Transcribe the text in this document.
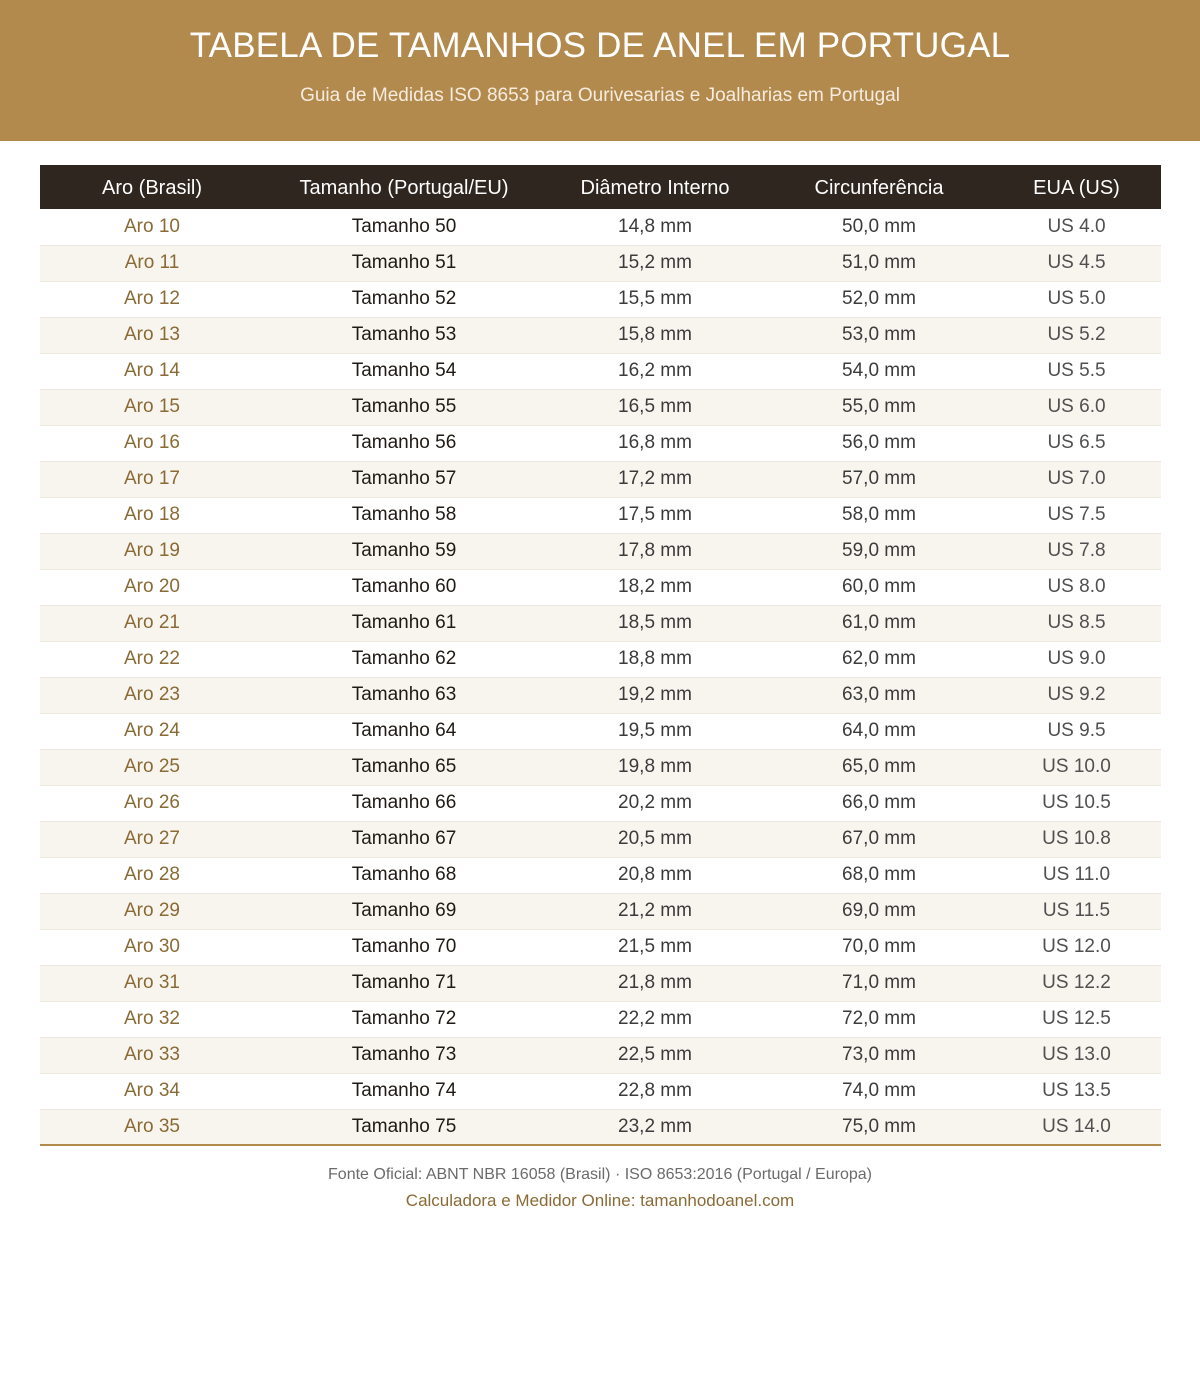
TABELA DE TAMANHOS DE ANEL EM PORTUGAL
Guia de Medidas ISO 8653 para Ourivesarias e Joalharias em Portugal
Aro (Brasil)	Tamanho (Portugal/EU)	Diâmetro Interno	Circunferência	EUA (US)
Aro 10	Tamanho 50	14,8 mm	50,0 mm	US 4.0
Aro 11	Tamanho 51	15,2 mm	51,0 mm	US 4.5
Aro 12	Tamanho 52	15,5 mm	52,0 mm	US 5.0
Aro 13	Tamanho 53	15,8 mm	53,0 mm	US 5.2
Aro 14	Tamanho 54	16,2 mm	54,0 mm	US 5.5
Aro 15	Tamanho 55	16,5 mm	55,0 mm	US 6.0
Aro 16	Tamanho 56	16,8 mm	56,0 mm	US 6.5
Aro 17	Tamanho 57	17,2 mm	57,0 mm	US 7.0
Aro 18	Tamanho 58	17,5 mm	58,0 mm	US 7.5
Aro 19	Tamanho 59	17,8 mm	59,0 mm	US 7.8
Aro 20	Tamanho 60	18,2 mm	60,0 mm	US 8.0
Aro 21	Tamanho 61	18,5 mm	61,0 mm	US 8.5
Aro 22	Tamanho 62	18,8 mm	62,0 mm	US 9.0
Aro 23	Tamanho 63	19,2 mm	63,0 mm	US 9.2
Aro 24	Tamanho 64	19,5 mm	64,0 mm	US 9.5
Aro 25	Tamanho 65	19,8 mm	65,0 mm	US 10.0
Aro 26	Tamanho 66	20,2 mm	66,0 mm	US 10.5
Aro 27	Tamanho 67	20,5 mm	67,0 mm	US 10.8
Aro 28	Tamanho 68	20,8 mm	68,0 mm	US 11.0
Aro 29	Tamanho 69	21,2 mm	69,0 mm	US 11.5
Aro 30	Tamanho 70	21,5 mm	70,0 mm	US 12.0
Aro 31	Tamanho 71	21,8 mm	71,0 mm	US 12.2
Aro 32	Tamanho 72	22,2 mm	72,0 mm	US 12.5
Aro 33	Tamanho 73	22,5 mm	73,0 mm	US 13.0
Aro 34	Tamanho 74	22,8 mm	74,0 mm	US 13.5
Aro 35	Tamanho 75	23,2 mm	75,0 mm	US 14.0
Fonte Oficial: ABNT NBR 16058 (Brasil) · ISO 8653:2016 (Portugal / Europa)
Calculadora e Medidor Online: tamanhodoanel.com
